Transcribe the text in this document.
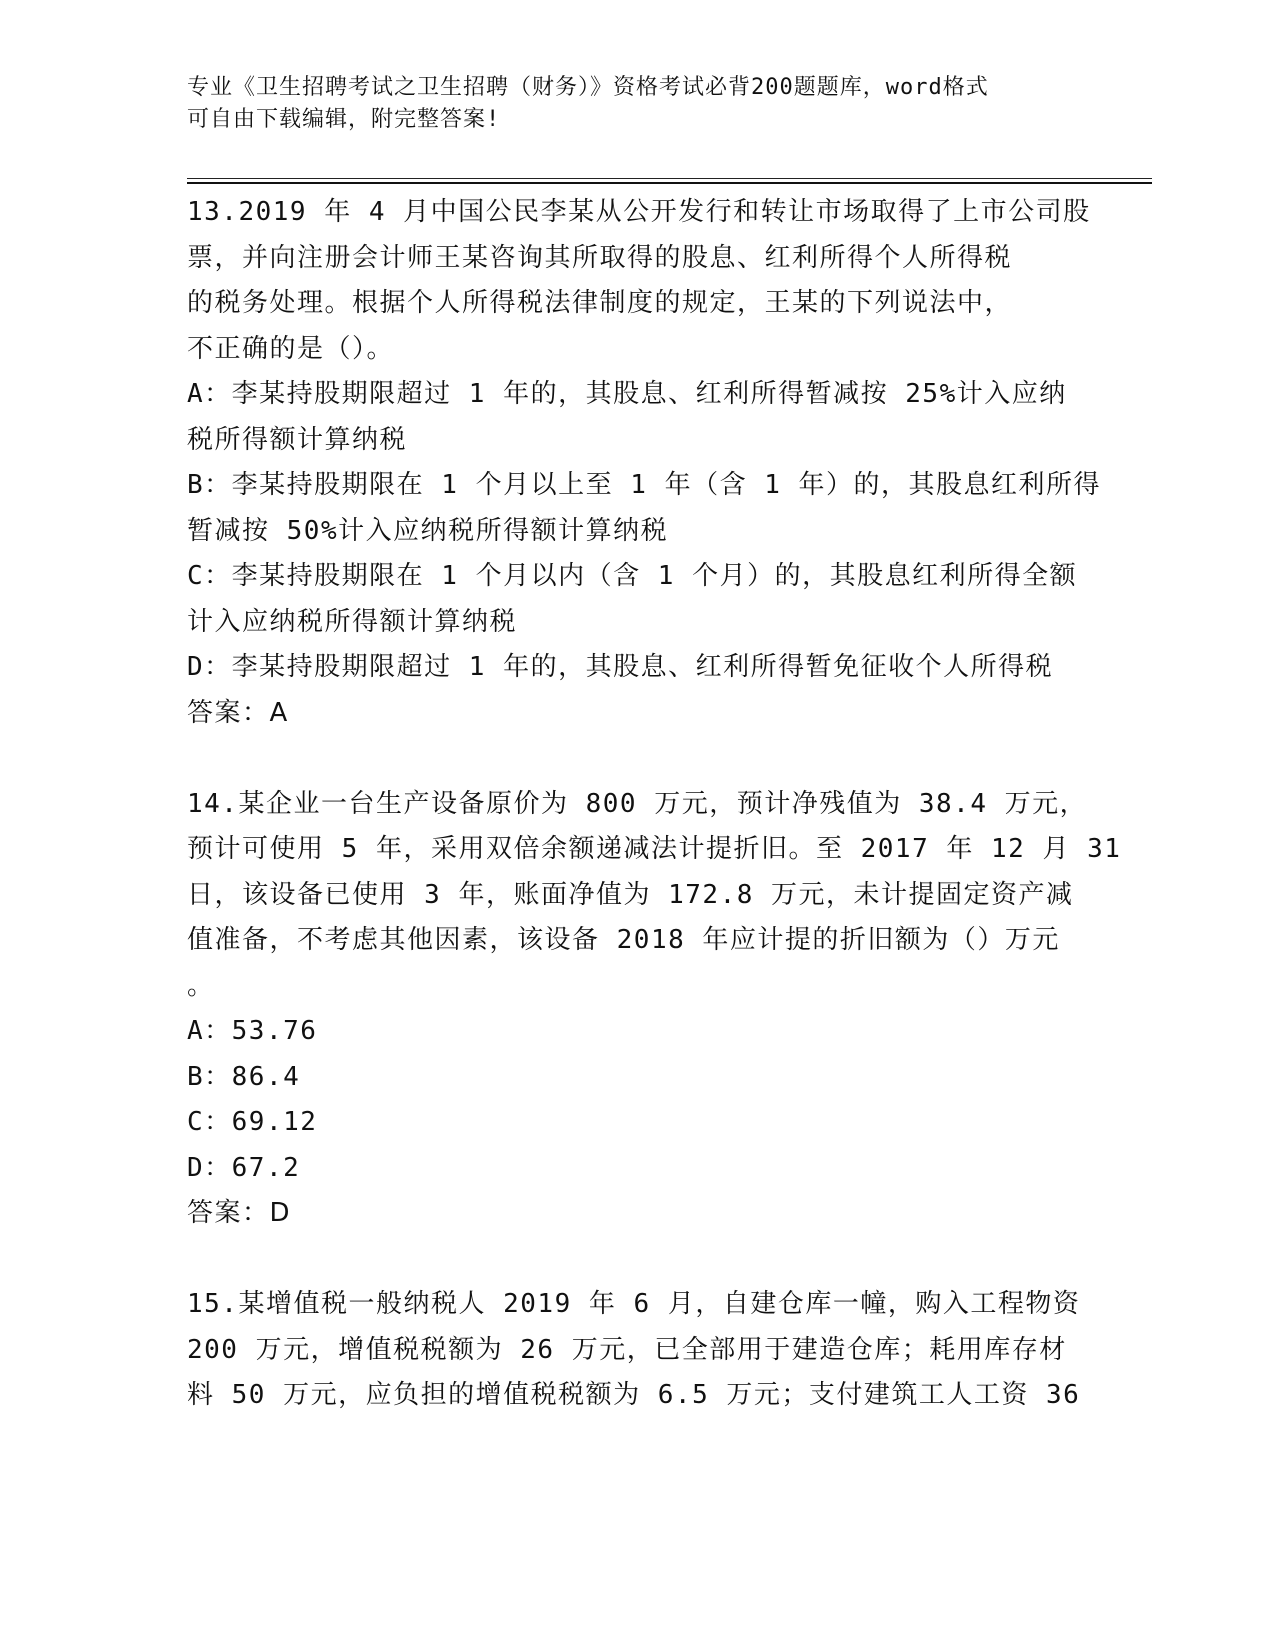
专业《卫生招聘考试之卫生招聘（财务）》资格考试必背200题题库，word格式
可自由下载编辑，附完整答案!
13.2019 年 4 月中国公民李某从公开发行和转让市场取得了上市公司股
票，并向注册会计师王某咨询其所取得的股息、红利所得个人所得税
的税务处理。根据个人所得税法律制度的规定，王某的下列说法中，
不正确的是（）。
A：李某持股期限超过 1 年的，其股息、红利所得暂减按 25%计入应纳
税所得额计算纳税
B：李某持股期限在 1 个月以上至 1 年（含 1 年）的，其股息红利所得
暂减按 50%计入应纳税所得额计算纳税
C：李某持股期限在 1 个月以内（含 1 个月）的，其股息红利所得全额
计入应纳税所得额计算纳税
D：李某持股期限超过 1 年的，其股息、红利所得暂免征收个人所得税
答案：A
14.某企业一台生产设备原价为 800 万元，预计净残值为 38.4 万元，
预计可使用 5 年，采用双倍余额递减法计提折旧。至 2017 年 12 月 31
日，该设备已使用 3 年，账面净值为 172.8 万元，未计提固定资产减
值准备，不考虑其他因素，该设备 2018 年应计提的折旧额为（）万元
。
A：53.76
B：86.4
C：69.12
D：67.2
答案：D
15.某增值税一般纳税人 2019 年 6 月，自建仓库一幢，购入工程物资
200 万元，增值税税额为 26 万元，已全部用于建造仓库；耗用库存材
料 50 万元，应负担的增值税税额为 6.5 万元；支付建筑工人工资 36
